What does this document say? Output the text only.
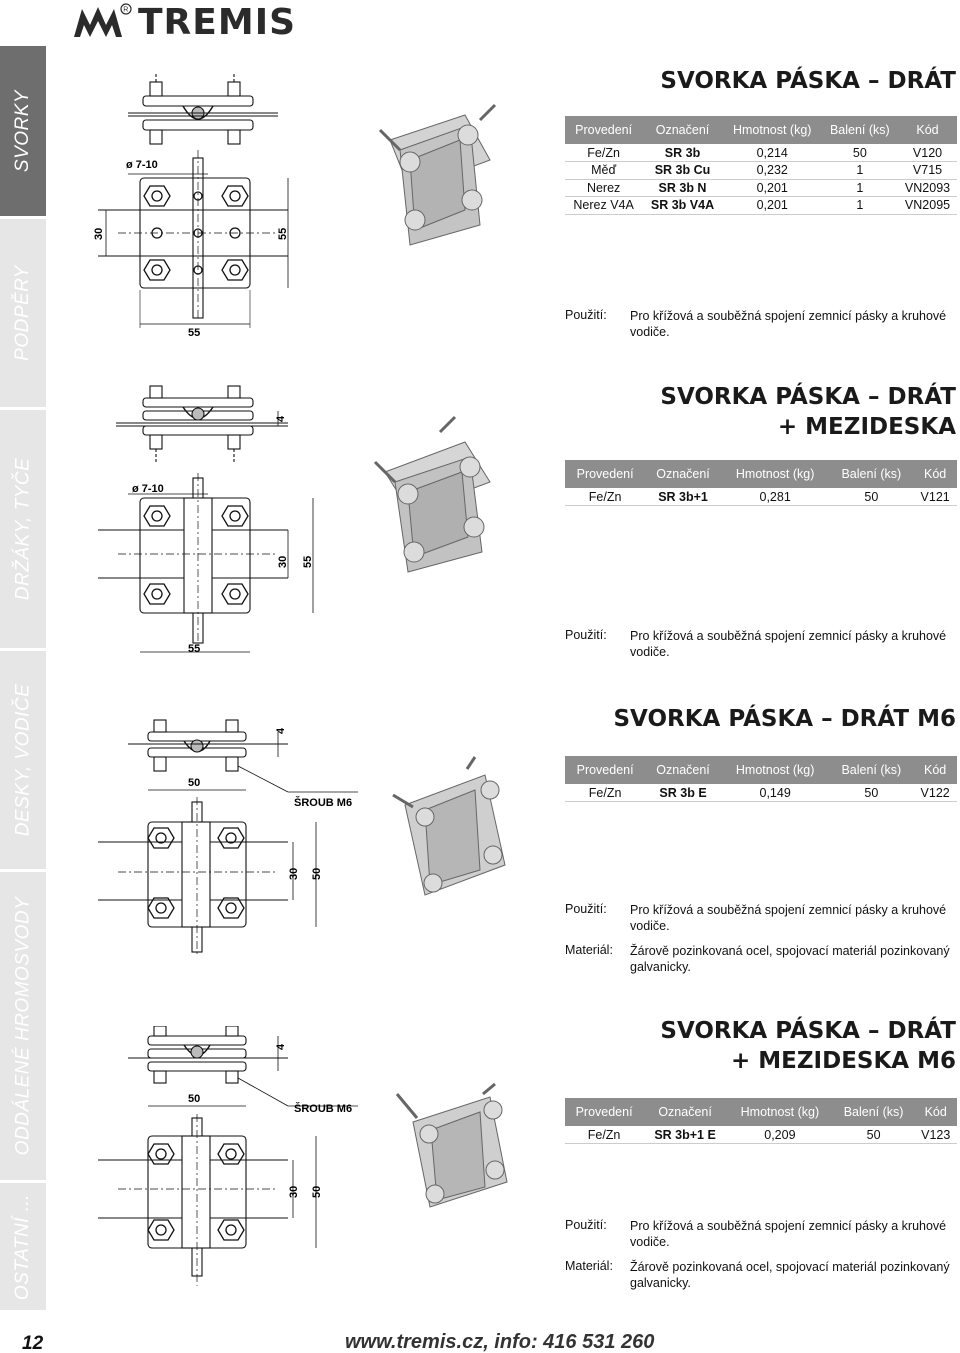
R TREMIS
SVORKY
PODPĚRY
DRŽÁKY, TYČE
DESKY, VODIČE
ODDÁLENÉ HROMOSVODY
OSTATNÍ ...
ø 7-10
30	55
55
SVORKA PÁSKA – DRÁT
Provedení	Označení	Hmotnost (kg)	Balení (ks)	Kód
Fe/Zn	SR 3b	0,214	50	V120
Měď	SR 3b Cu	0,232	1	V715
Nerez	SR 3b N	0,201	1	VN2093
Nerez V4A	SR 3b V4A	0,201	1	VN2095
Použití: Pro křížová a souběžná spojení zemnicí pásky a kruhové vodiče.
ø 7-10
30 55
4
55
SVORKA PÁSKA – DRÁT
+ MEZIDESKA
Provedení	Označení	Hmotnost (kg)	Balení (ks)	Kód
Fe/Zn	SR 3b+1	0,281	50	V121
Použití: Pro křížová a souběžná spojení zemnicí pásky a kruhové vodiče.
50
ŠROUB M6
4
30 50
SVORKA PÁSKA – DRÁT M6
Provedení	Označení	Hmotnost (kg)	Balení (ks)	Kód
Fe/Zn	SR 3b E	0,149	50	V122
Použití: Pro křížová a souběžná spojení zemnicí pásky a kruhové vodiče.
Materiál: Žárově pozinkovaná ocel, spojovací materiál pozinkovaný galvanicky.
50
ŠROUB M6
4
30 50
SVORKA PÁSKA – DRÁT
+ MEZIDESKA M6
Provedení	Označení	Hmotnost (kg)	Balení (ks)	Kód
Fe/Zn	SR 3b+1 E	0,209	50	V123
Použití: Pro křížová a souběžná spojení zemnicí pásky a kruhové vodiče.
Materiál: Žárově pozinkovaná ocel, spojovací materiál pozinkovaný galvanicky.
12	www.tremis.cz, info: 416 531 260
